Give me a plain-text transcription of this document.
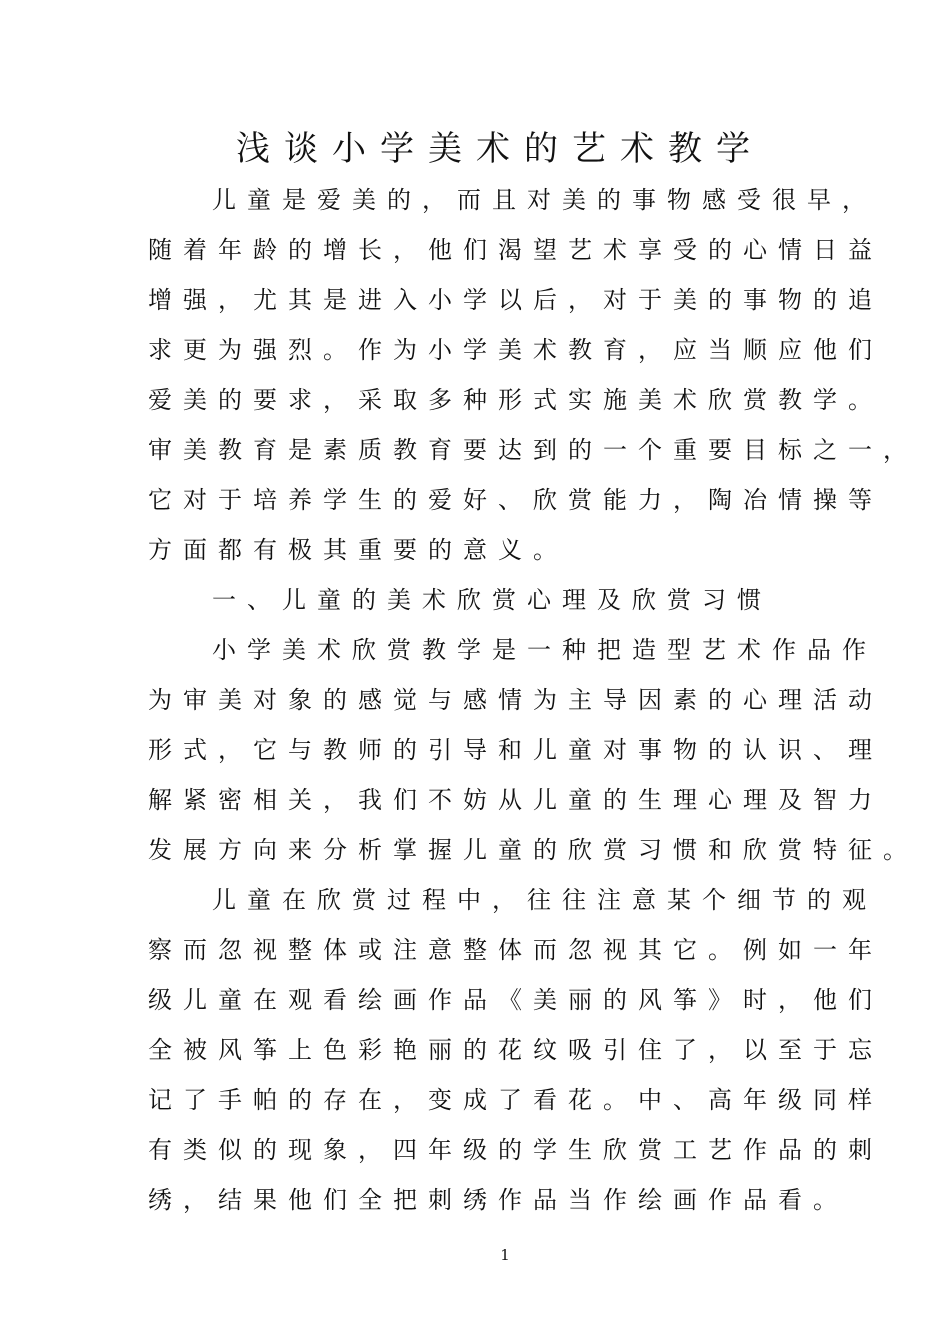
浅谈小学美术的艺术教学
儿童是爱美的，而且对美的事物感受很早，
随着年龄的增长，他们渴望艺术享受的心情日益
增强，尤其是进入小学以后，对于美的事物的追
求更为强烈。作为小学美术教育，应当顺应他们
爱美的要求，采取多种形式实施美术欣赏教学。
审美教育是素质教育要达到的一个重要目标之一，
它对于培养学生的爱好、欣赏能力，陶冶情操等
方面都有极其重要的意义。
一、儿童的美术欣赏心理及欣赏习惯
小学美术欣赏教学是一种把造型艺术作品作
为审美对象的感觉与感情为主导因素的心理活动
形式，它与教师的引导和儿童对事物的认识、理
解紧密相关，我们不妨从儿童的生理心理及智力
发展方向来分析掌握儿童的欣赏习惯和欣赏特征。
儿童在欣赏过程中，往往注意某个细节的观
察而忽视整体或注意整体而忽视其它。例如一年
级儿童在观看绘画作品《美丽的风筝》时，他们
全被风筝上色彩艳丽的花纹吸引住了，以至于忘
记了手帕的存在，变成了看花。中、高年级同样
有类似的现象，四年级的学生欣赏工艺作品的刺
绣，结果他们全把刺绣作品当作绘画作品看。
1
